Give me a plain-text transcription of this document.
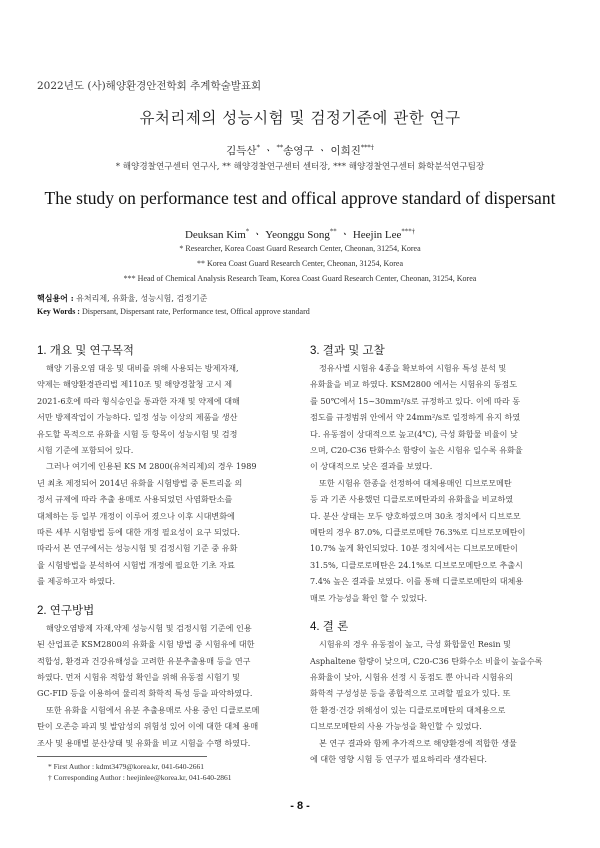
2022년도 (사)해양환경안전학회 추계학술발표회
유처리제의 성능시험 및 검정기준에 관한 연구
김득산* ㆍ **송영구 ㆍ 이희진***†
* 해양경찰연구센터 연구사, ** 해양경찰연구센터 센터장, *** 해양경찰연구센터 화학분석연구팀장
The study on performance test and offical approve standard of dispersant
Deuksan Kim* ㆍ Yeonggu Song** ㆍ Heejin Lee***†
* Researcher, Korea Coast Guard Research Center, Cheonan, 31254, Korea
** Korea Coast Guard Research Center, Cheonan, 31254, Korea
*** Head of Chemical Analysis Research Team, Korea Coast Guard Research Center, Cheonan, 31254, Korea
핵심용어 : 유처리제, 유화율, 성능시험, 검정기준
Key Words : Dispersant, Dispersant rate, Performance test, Offical approve standard
1. 개요 및 연구목적
해양 기름오염 대응 및 대비를 위해 사용되는 방제자재,
약제는 해양환경관리법 제110조 및 해양경찰청 고시 제
2021-6호에 따라 형식승인을 통과한 자재 및 약제에 대해
서만 방제작업이 가능하다. 일정 성능 이상의 제품을 생산
유도할 목적으로 유화율 시험 등 항목이 성능시험 및 검정
시험 기준에 포함되어 있다.
그러나 여기에 인용된 KS M 2800(유처리제)의 경우 1989
년 최초 제정되어 2014년 유화율 시험방법 중 톤트리올 의
정서 규제에 따라 추출 용매로 사용되었던 사염화탄소를
대체하는 등 일부 개정이 이루어 졌으나 이후 시대변화에
따른 세부 시험방법 등에 대한 개정 필요성이 요구 되었다.
따라서 본 연구에서는 성능시험 및 검정시험 기준 중 유화
율 시험방법을 분석하여 시험법 개정에 필요한 기초 자료
를 제공하고자 하였다.
2. 연구방법
해양오염방제 자재,약제 성능시험 및 검정시험 기준에 인용
된 산업표준 KSM2800의 유화율 시험 방법 중 시험유에 대한
적합성, 환경과 건강유해성을 고려한 유분추출용매 등을 연구
하였다. 먼저 시험유 적합성 확인을 위해 유동점 시험기 및
GC-FID 등을 이용하여 물리적 화학적 특성 등을 파악하였다.
또한 유화율 시험에서 유분 추출용매로 사용 중인 디클로로메
탄이 오존층 파괴 및 발암성의 위험성 있어 이에 대한 대체 용매
조사 및 용매별 분산상태 및 유화율 비교 시험을 수행 하였다.
3. 결과 및 고찰
정유사별 시험유 4종을 확보하여 시험유 특성 분석 및
유화율을 비교 하였다. KSM2800 에서는 시험유의 동점도
를 50℃에서 15~30mm²/s로 규정하고 있다. 이에 따라 동
점도를 규정범위 안에서 약 24mm²/s로 일정하게 유지 하였
다. 유동점이 상대적으로 높고(4℃), 극성 화합물 비율이 낮
으며, C20-C36 탄화수소 함량이 높은 시험유 일수록 유화율
이 상대적으로 낮은 결과를 보였다.
또한 시험유 한종을 선정하여 대체용매인 디브로모메탄
등 과 기존 사용했던 디클로로메탄과의 유화율을 비교하였
다. 분산 상태는 모두 양호하였으며 30초 정치에서 디브로모
메탄의 경우 87.0%, 디클로로메탄 76.3%로 디브로모메탄이
10.7% 높게 확인되었다. 10분 정치에서는 디브로모메탄이
31.5%, 디클로로메탄은 24.1%로 디브로모메탄으로 추출시
7.4% 높은 결과를 보였다. 이를 통해 디클로로메탄의 대체용
매로 가능성을 확인 할 수 있었다.
4. 결 론
시험유의 경우 유동점이 높고, 극성 화합물인 Resin 및
Asphaltene 함량이 낮으며, C20-C36 탄화수소 비율이 높을수록
유화율이 낮아, 시험유 선정 시 동점도 뿐 아니라 시험유의
화학적 구성성분 등을 종합적으로 고려할 필요가 있다. 또
한 환경·건강 위해성이 있는 디클로로메탄의 대체용으로
디브로모메탄의 사용 가능성을 확인할 수 있었다.
본 연구 결과와 함께 추가적으로 해양환경에 적합한 생물
에 대한 영향 시험 등 연구가 필요하리라 생각된다.
* First Author : kdmt3479@korea.kr, 041-640-2661
† Corresponding Author : heejinlee@korea.kr, 041-640-2861
- 8 -
